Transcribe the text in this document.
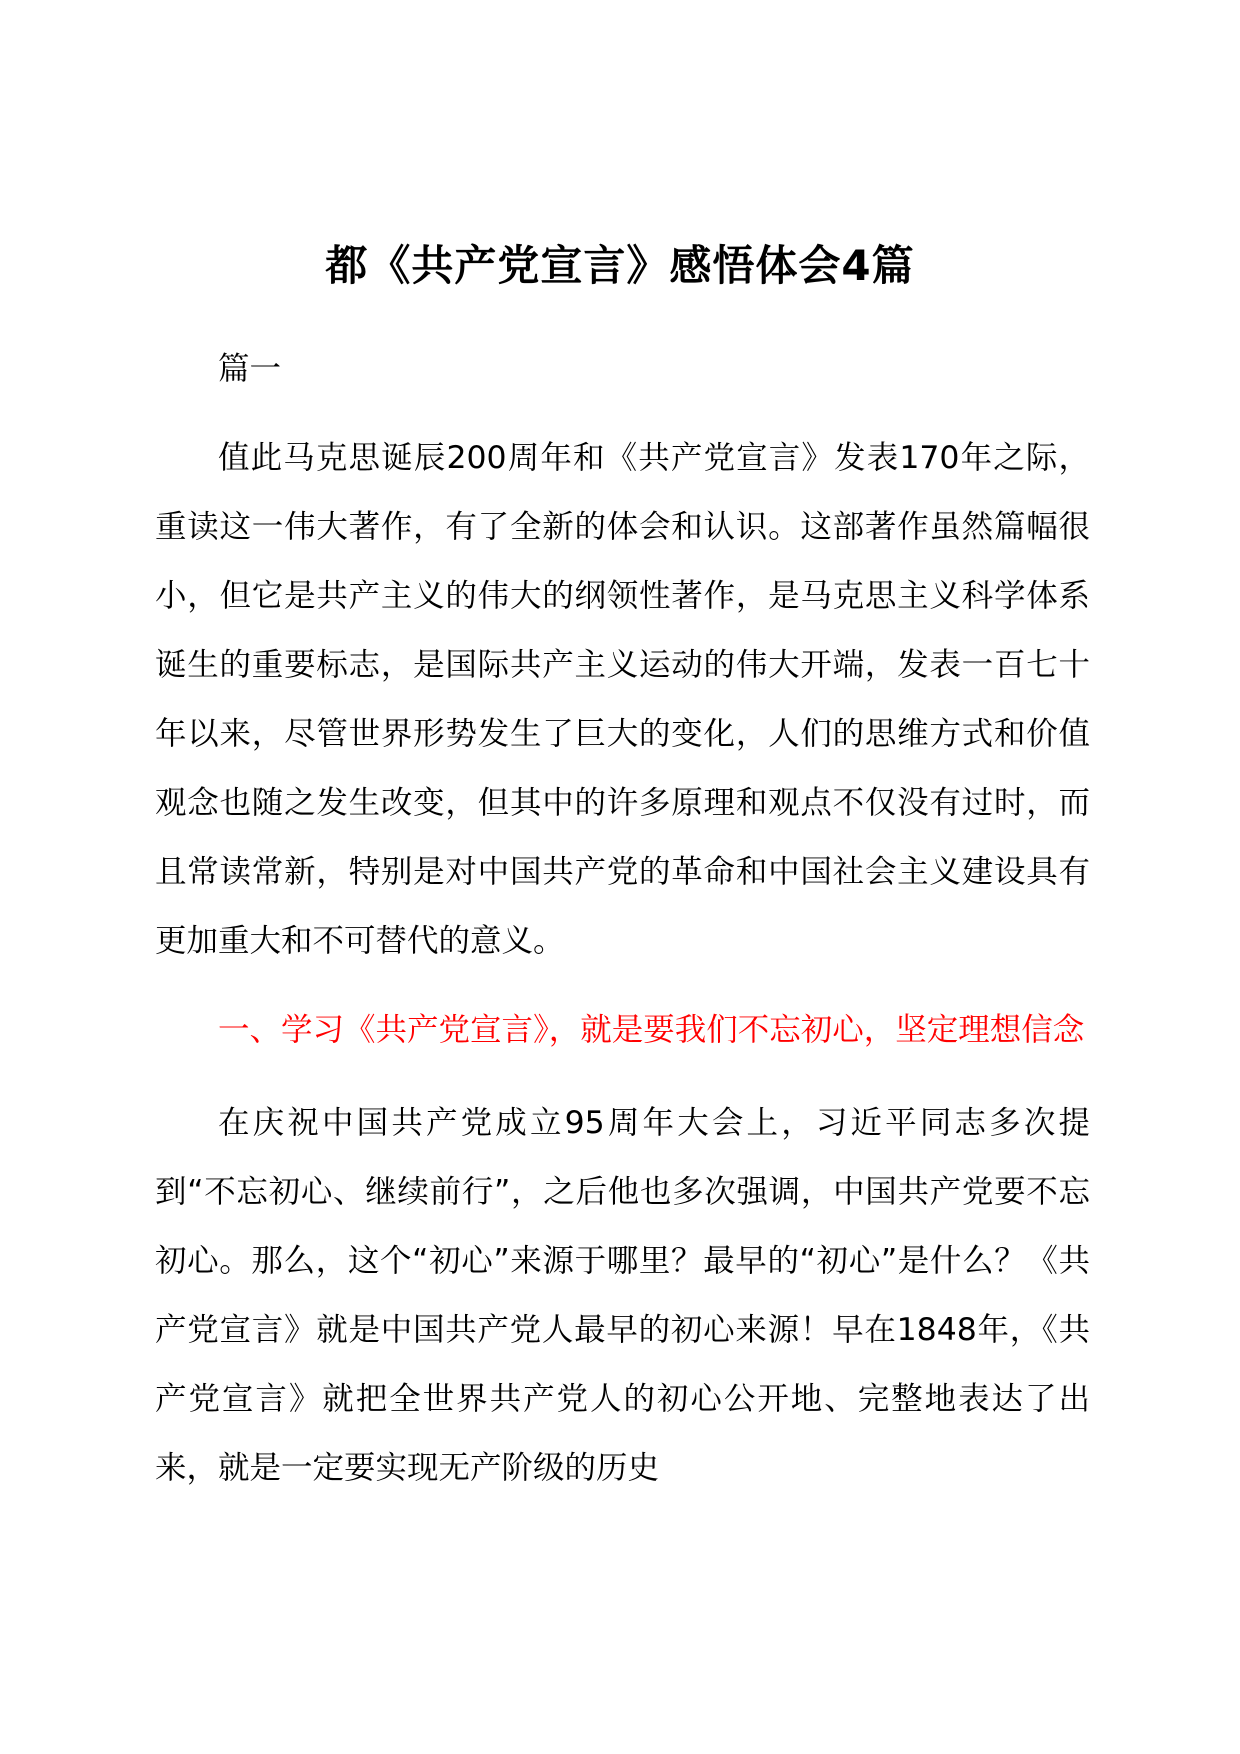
都《共产党宣言》感悟体会4篇

篇一

值此马克思诞辰200周年和《共产党宣言》发表170年之际，重读这一伟大著作，有了全新的体会和认识。这部著作虽然篇幅很小，但它是共产主义的伟大的纲领性著作，是马克思主义科学体系诞生的重要标志，是国际共产主义运动的伟大开端，发表一百七十年以来，尽管世界形势发生了巨大的变化，人们的思维方式和价值观念也随之发生改变，但其中的许多原理和观点不仅没有过时，而且常读常新，特别是对中国共产党的革命和中国社会主义建设具有更加重大和不可替代的意义。

一、学习《共产党宣言》，就是要我们不忘初心，坚定理想信念

在庆祝中国共产党成立95周年大会上，习近平同志多次提到“不忘初心、继续前行”，之后他也多次强调，中国共产党要不忘初心。那么，这个“初心”来源于哪里？最早的“初心”是什么？《共产党宣言》就是中国共产党人最早的初心来源！早在1848年，《共产党宣言》就把全世界共产党人的初心公开地、完整地表达了出来，就是一定要实现无产阶级的历史
